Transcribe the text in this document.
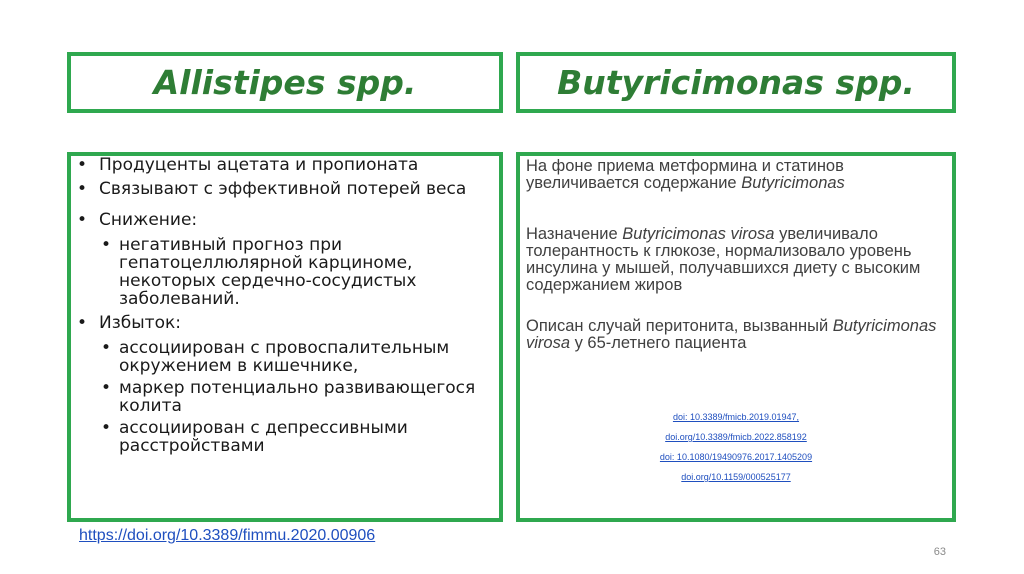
Allistipes spp.	Butyricimonas spp.
• Продуценты ацетата и пропионата
• Связывают с эффективной потерей веса
• Снижение:
• негативный прогноз при гепатоцеллюлярной карциноме, некоторых сердечно-сосудистых заболеваний.
• Избыток:
• ассоциирован с провоспалительным окружением в кишечнике,
• маркер потенциально развивающегося колита
• ассоциирован с депрессивными расстройствами
На фоне приема метформина и статинов увеличивается содержание Butyricimonas
Назначение Butyricimonas virosa увеличивало толерантность к глюкозе, нормализовало уровень инсулина у мышей, получавшихся диету с высоким содержанием жиров
Описан случай перитонита, вызванный Butyricimonas virosa у 65-летнего пациента
doi: 10.3389/fmicb.2019.01947,
doi.org/10.3389/fmicb.2022.858192
doi: 10.1080/19490976.2017.1405209
doi.org/10.1159/000525177
https://doi.org/10.3389/fimmu.2020.00906
63
